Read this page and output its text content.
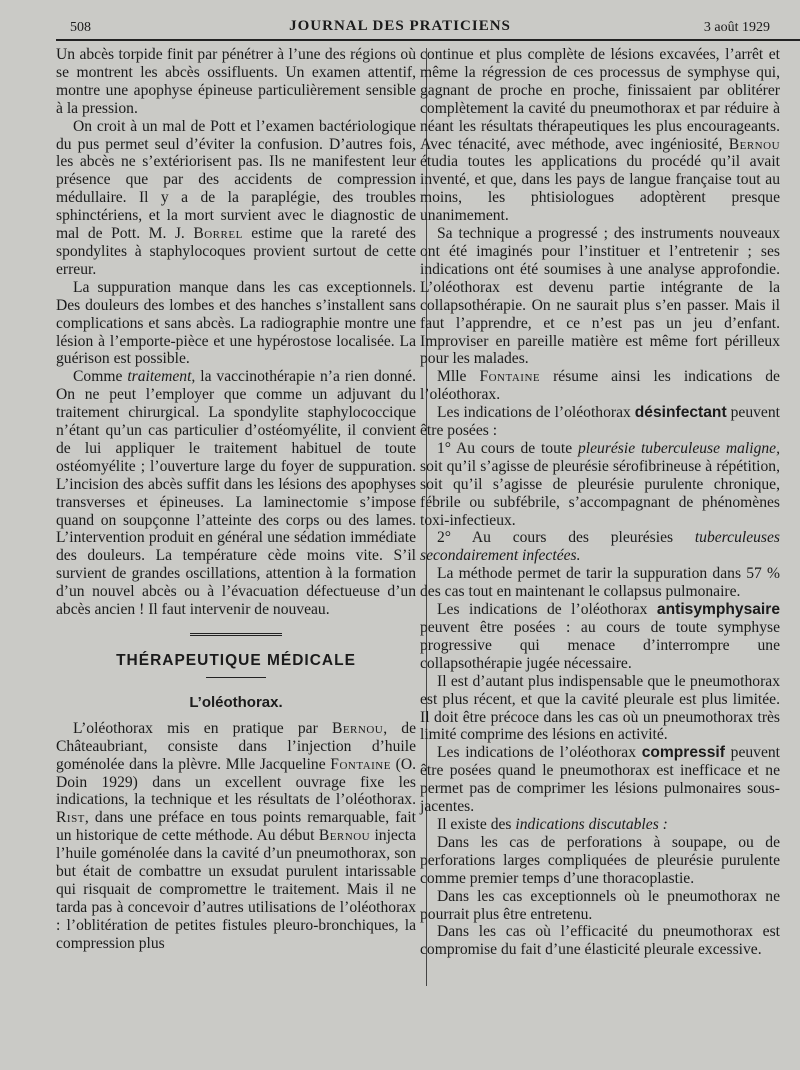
508	JOURNAL DES PRATICIENS	3 août 1929

Un abcès torpide finit par pénétrer à l’une des régions où se montrent les abcès ossifluents. Un examen attentif, montre une apophyse épineuse particulièrement sensible à la pression.

On croit à un mal de Pott et l’examen bactériologique du pus permet seul d’éviter la confusion. D’autres fois, les abcès ne s’extériorisent pas. Ils ne manifestent leur présence que par des accidents de compression médullaire. Il y a de la paraplégie, des troubles sphinctériens, et la mort survient avec le diagnostic de mal de Pott. M. J. Borrel estime que la rareté des spondylites à staphylocoques provient surtout de cette erreur.

La suppuration manque dans les cas exceptionnels. Des douleurs des lombes et des hanches s’installent sans complications et sans abcès. La radiographie montre une lésion à l’emporte-pièce et une hypérostose localisée. La guérison est possible.

Comme traitement, la vaccinothérapie n’a rien donné. On ne peut l’employer que comme un adjuvant du traitement chirurgical. La spondylite staphylococcique n’étant qu’un cas particulier d’ostéomyélite, il convient de lui appliquer le traitement habituel de toute ostéomyélite ; l’ouverture large du foyer de suppuration. L’incision des abcès suffit dans les lésions des apophyses transverses et épineuses. La laminectomie s’impose quand on soupçonne l’atteinte des corps ou des lames. L’intervention produit en général une sédation immédiate des douleurs. La température cède moins vite. S’il survient de grandes oscillations, attention à la formation d’un nouvel abcès ou à l’évacuation défectueuse d’un abcès ancien ! Il faut intervenir de nouveau.

THÉRAPEUTIQUE MÉDICALE
L’oléothorax.

L’oléothorax mis en pratique par Bernou, de Châteaubriant, consiste dans l’injection d’huile goménolée dans la plèvre. Mlle Jacqueline Fontaine (O. Doin 1929) dans un excellent ouvrage fixe les indications, la technique et les résultats de l’oléothorax. Rist, dans une préface en tous points remarquable, fait un historique de cette méthode. Au début Bernou injecta l’huile goménolée dans la cavité d’un pneumothorax, son but était de combattre un exsudat purulent intarissable qui risquait de compromettre le traitement. Mais il ne tarda pas à concevoir d’autres utilisations de l’oléothorax : l’oblitération de petites fistules pleuro-bronchiques, la compression plus

continue et plus complète de lésions excavées, l’arrêt et même la régression de ces processus de symphyse qui, gagnant de proche en proche, finissaient par oblitérer complètement la cavité du pneumothorax et par réduire à néant les résultats thérapeutiques les plus encourageants. Avec ténacité, avec méthode, avec ingéniosité, Bernou étudia toutes les applications du procédé qu’il avait inventé, et que, dans les pays de langue française tout au moins, les phtisiologues adoptèrent presque unanimement.

Sa technique a progressé ; des instruments nouveaux ont été imaginés pour l’instituer et l’entretenir ; ses indications ont été soumises à une analyse approfondie. L’oléothorax est devenu partie intégrante de la collapsothérapie. On ne saurait plus s’en passer. Mais il faut l’apprendre, et ce n’est pas un jeu d’enfant. Improviser en pareille matière est même fort périlleux pour les malades.

Mlle Fontaine résume ainsi les indications de l’oléothorax.

Les indications de l’oléothorax désinfectant peuvent être posées :

1° Au cours de toute pleurésie tuberculeuse maligne, soit qu’il s’agisse de pleurésie sérofibrineuse à répétition, soit qu’il s’agisse de pleurésie purulente chronique, fébrile ou subfébrile, s’accompagnant de phénomènes toxi-infectieux.

2° Au cours des pleurésies tuberculeuses secondairement infectées.

La méthode permet de tarir la suppuration dans 57 % des cas tout en maintenant le collapsus pulmonaire.

Les indications de l’oléothorax antisymphysaire peuvent être posées : au cours de toute symphyse progressive qui menace d’interrompre une collapsothérapie jugée nécessaire.

Il est d’autant plus indispensable que le pneumothorax est plus récent, et que la cavité pleurale est plus limitée. Il doit être précoce dans les cas où un pneumothorax très limité comprime des lésions en activité.

Les indications de l’oléothorax compressif peuvent être posées quand le pneumothorax est inefficace et ne permet pas de comprimer les lésions pulmonaires sous-jacentes.

Il existe des indications discutables :

Dans les cas de perforations à soupape, ou de perforations larges compliquées de pleurésie purulente comme premier temps d’une thoracoplastie.

Dans les cas exceptionnels où le pneumothorax ne pourrait plus être entretenu.

Dans les cas où l’efficacité du pneumothorax est compromise du fait d’une élasticité pleurale excessive.
